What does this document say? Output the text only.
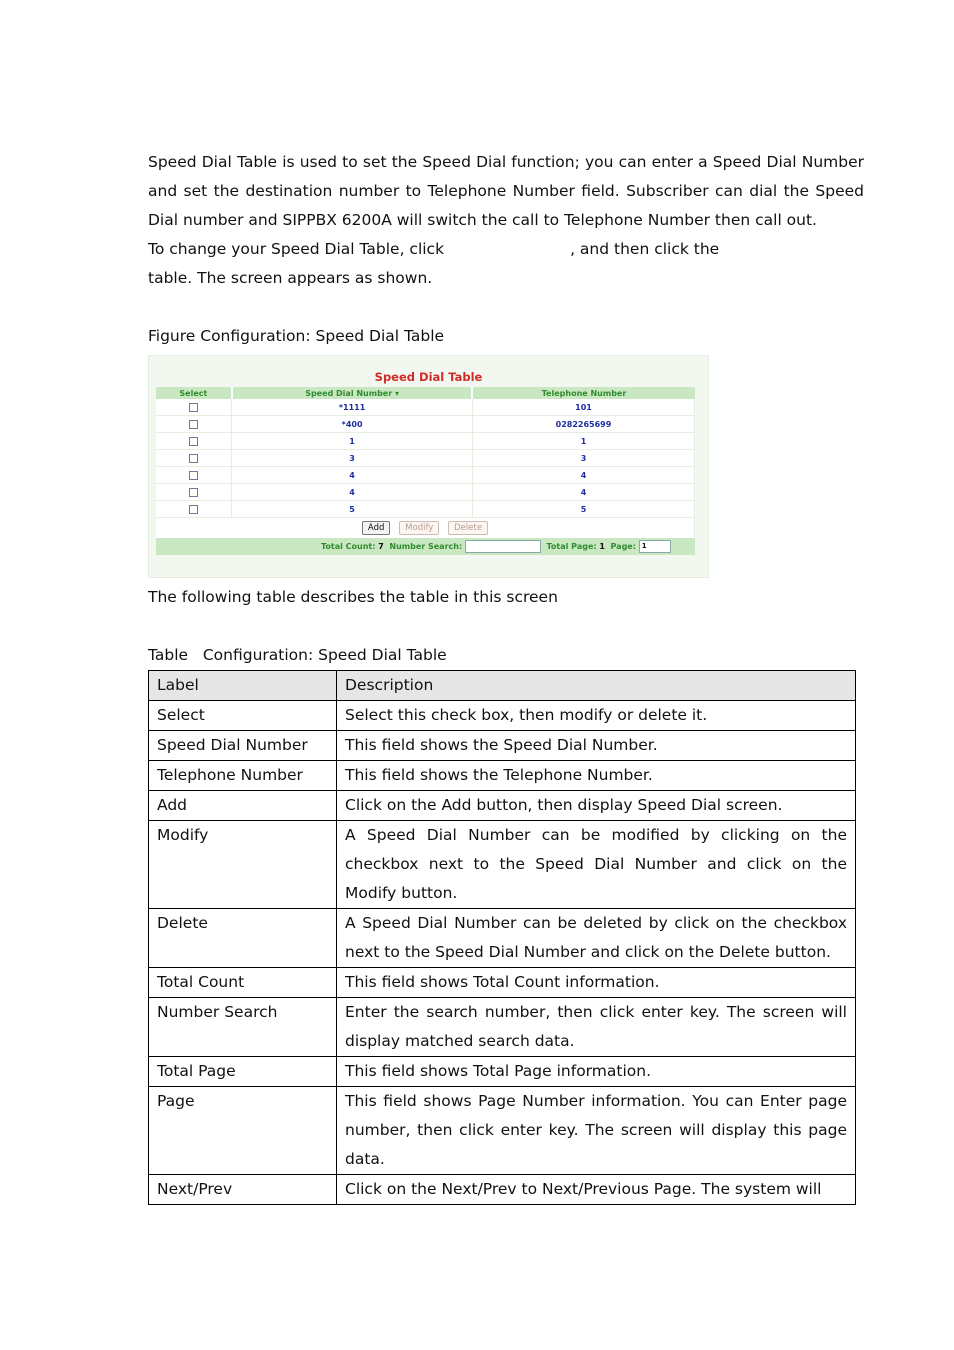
Speed Dial Table is used to set the Speed Dial function; you can enter a Speed Dial Number and set the destination number to Telephone Number field. Subscriber can dial the Speed Dial number and SIPPBX 6200A will switch the call to Telephone Number then call out.

To change your Speed Dial Table, click	, and then click the
table. The screen appears as shown.

Figure Configuration: Speed Dial Table

Speed Dial Table
Select	Speed Dial Number ▾	Telephone Number
	*1111	101
	*400	0282265699
	1	1
	3	3
	4	4
	4	4
	5	5
Add Modify Delete		

Total Count: 7 Number Search: Total Page: 1 Page: 1		

The following table describes the table in this screen

Table   Configuration: Speed Dial Table

Label	Description
Select	Select this check box, then modify or delete it.
Speed Dial Number	This field shows the Speed Dial Number.
Telephone Number	This field shows the Telephone Number.
Add	Click on the Add button, then display Speed Dial screen.
Modify	A Speed Dial Number can be modified by clicking on the checkbox next to the Speed Dial Number and click on the Modify button.
Delete	A Speed Dial Number can be deleted by click on the checkbox next to the Speed Dial Number and click on the Delete button.
Total Count	This field shows Total Count information.
Number Search	Enter the search number, then click enter key. The screen will display matched search data.
Total Page	This field shows Total Page information.
Page	This field shows Page Number information. You can Enter page number, then click enter key. The screen will display this page data.
Next/Prev	Click on the Next/Prev to Next/Previous Page. The system will
